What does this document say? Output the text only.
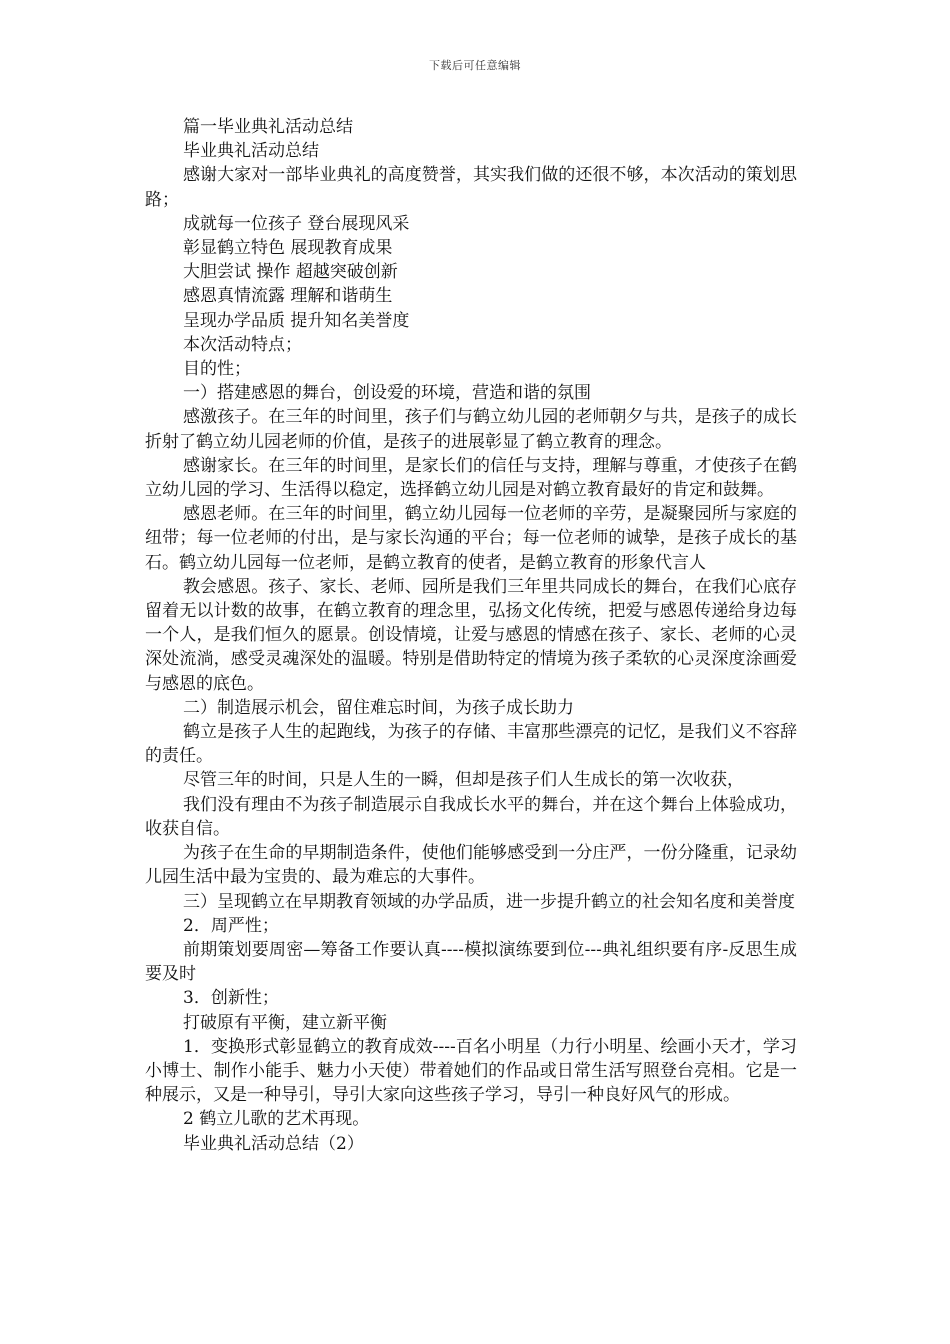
下载后可任意编辑

篇一毕业典礼活动总结

毕业典礼活动总结

感谢大家对一部毕业典礼的高度赞誉，其实我们做的还很不够，本次活动的策划思路；

成就每一位孩子 登台展现风采

彰显鹤立特色 展现教育成果

大胆尝试 操作 超越突破创新

感恩真情流露 理解和谐萌生

呈现办学品质 提升知名美誉度

本次活动特点；

目的性；

一）搭建感恩的舞台，创设爱的环境，营造和谐的氛围

感激孩子。在三年的时间里，孩子们与鹤立幼儿园的老师朝夕与共，是孩子的成长折射了鹤立幼儿园老师的价值，是孩子的进展彰显了鹤立教育的理念。

感谢家长。在三年的时间里，是家长们的信任与支持，理解与尊重，才使孩子在鹤立幼儿园的学习、生活得以稳定，选择鹤立幼儿园是对鹤立教育最好的肯定和鼓舞。

感恩老师。在三年的时间里，鹤立幼儿园每一位老师的辛劳，是凝聚园所与家庭的纽带；每一位老师的付出，是与家长沟通的平台；每一位老师的诚挚，是孩子成长的基石。鹤立幼儿园每一位老师，是鹤立教育的使者，是鹤立教育的形象代言人

教会感恩。孩子、家长、老师、园所是我们三年里共同成长的舞台，在我们心底存留着无以计数的故事，在鹤立教育的理念里，弘扬文化传统，把爱与感恩传递给身边每一个人，是我们恒久的愿景。创设情境，让爱与感恩的情感在孩子、家长、老师的心灵深处流淌，感受灵魂深处的温暖。特别是借助特定的情境为孩子柔软的心灵深度涂画爱与感恩的底色。

二）制造展示机会，留住难忘时间，为孩子成长助力

鹤立是孩子人生的起跑线，为孩子的存储、丰富那些漂亮的记忆，是我们义不容辞的责任。

尽管三年的时间，只是人生的一瞬，但却是孩子们人生成长的第一次收获，

我们没有理由不为孩子制造展示自我成长水平的舞台，并在这个舞台上体验成功，收获自信。

为孩子在生命的早期制造条件，使他们能够感受到一分庄严，一份分隆重，记录幼儿园生活中最为宝贵的、最为难忘的大事件。

三）呈现鹤立在早期教育领域的办学品质，进一步提升鹤立的社会知名度和美誉度

2．周严性；

前期策划要周密—筹备工作要认真----模拟演练要到位---典礼组织要有序-反思生成要及时

3．创新性；

打破原有平衡，建立新平衡

1．变换形式彰显鹤立的教育成效----百名小明星（力行小明星、绘画小天才，学习小博士、制作小能手、魅力小天使）带着她们的作品或日常生活写照登台亮相。它是一种展示，又是一种导引，导引大家向这些孩子学习，导引一种良好风气的形成。

2 鹤立儿歌的艺术再现。

毕业典礼活动总结（2）
